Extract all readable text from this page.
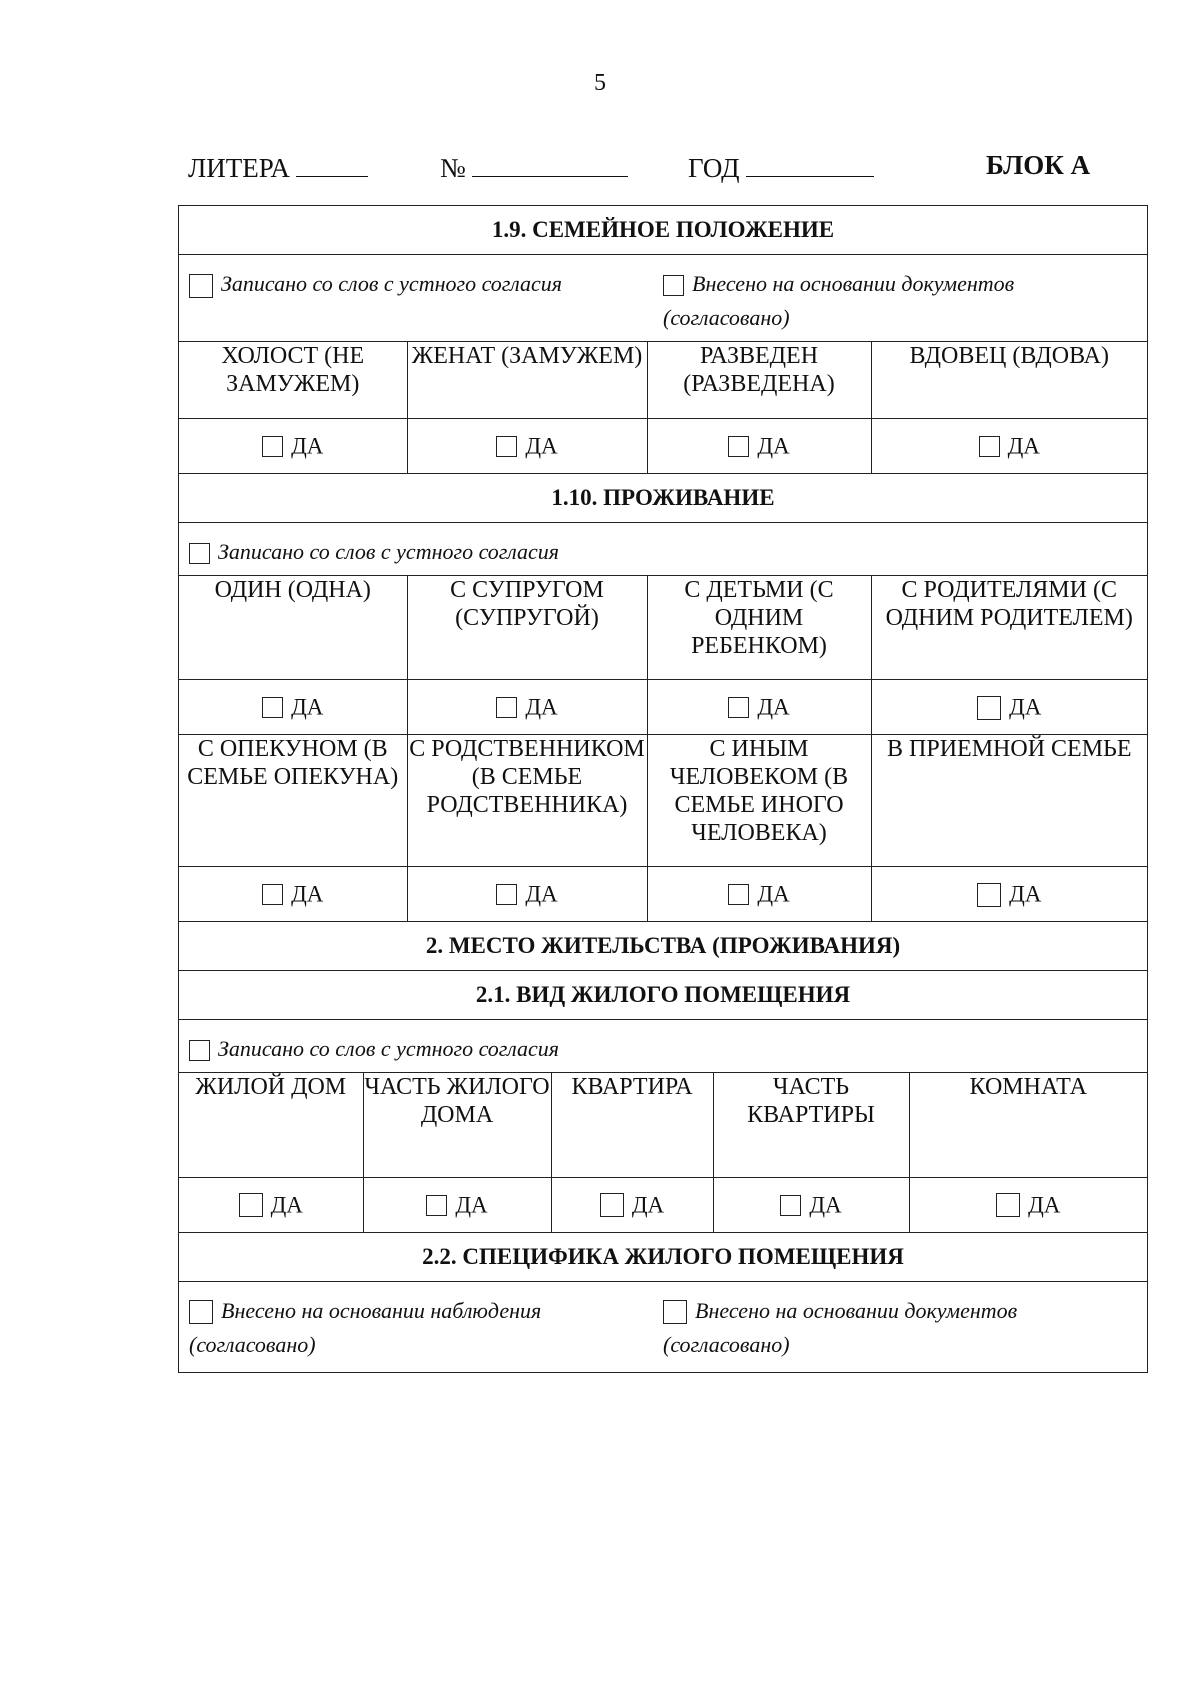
5
ЛИТЕРА	№	ГОД	БЛОК А
1.9. СЕМЕЙНОЕ ПОЛОЖЕНИЕ

Записано со слов с устного согласия	Внесено на основании документов (согласовано)

ХОЛОСТ (НЕ ЗАМУЖЕМ)	ЖЕНАТ (ЗАМУЖЕМ)	РАЗВЕДЕН (РАЗВЕДЕНА)	ВДОВЕЦ (ВДОВА)
ДА	ДА	ДА	ДА

1.10. ПРОЖИВАНИЕ

Записано со слов с устного согласия

ОДИН (ОДНА)	С СУПРУГОМ (СУПРУГОЙ)	С ДЕТЬМИ (С ОДНИМ РЕБЕНКОМ)	С РОДИТЕЛЯМИ (С ОДНИМ РОДИТЕЛЕМ)
ДА	ДА	ДА	ДА
С ОПЕКУНОМ (В СЕМЬЕ ОПЕКУНА)	С РОДСТВЕННИКОМ (В СЕМЬЕ РОДСТВЕННИКА)	С ИНЫМ ЧЕЛОВЕКОМ (В СЕМЬЕ ИНОГО ЧЕЛОВЕКА)	В ПРИЕМНОЙ СЕМЬЕ
ДА	ДА	ДА	ДА

2. МЕСТО ЖИТЕЛЬСТВА (ПРОЖИВАНИЯ)
2.1. ВИД ЖИЛОГО ПОМЕЩЕНИЯ

Записано со слов с устного согласия

ЖИЛОЙ ДОМ	ЧАСТЬ ЖИЛОГО ДОМА	КВАРТИРА	ЧАСТЬ КВАРТИРЫ	КОМНАТА
ДА	ДА	ДА	ДА	ДА

2.2. СПЕЦИФИКА ЖИЛОГО ПОМЕЩЕНИЯ

Внесено на основании наблюдения (согласовано)
Внесено на основании документов (согласовано)
